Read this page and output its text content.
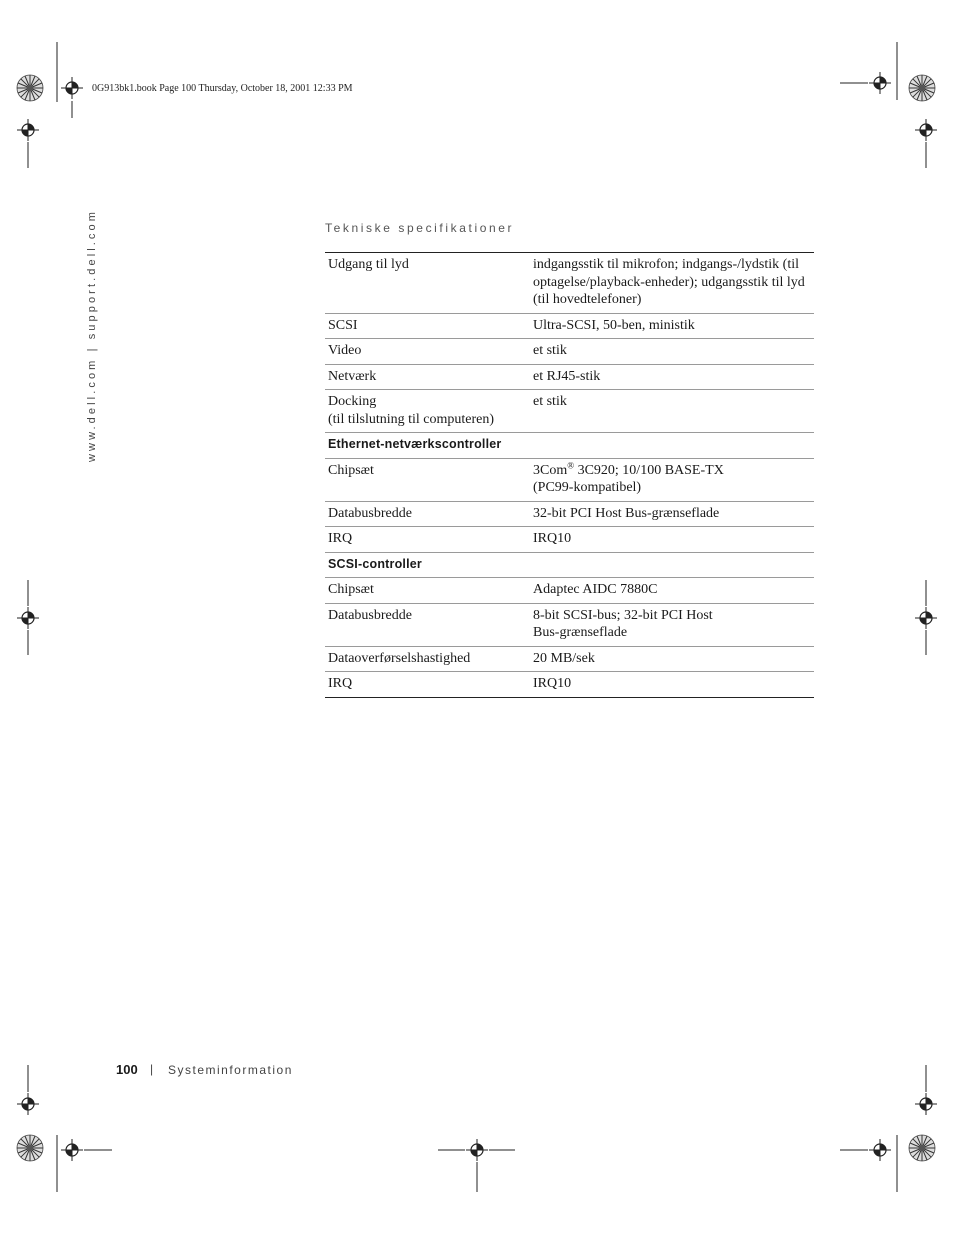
0G913bk1.book Page 100 Thursday, October 18, 2001 12:33 PM
www.dell.com | support.dell.com	Tekniske specifikationer
Udgang til lyd	indgangsstik til mikrofon; indgangs-/lydstik (til optagelse/playback-enheder); udgangsstik til lyd (til hovedtelefoner)

SCSI	Ultra-SCSI, 50-ben, ministik

Video	et stik

Netværk	et RJ45-stik

Docking
(til tilslutning til computeren)	et stik

Ethernet-netværkscontroller	

Chipsæt	3Com® 3C920; 10/100 BASE-TX
(PC99-kompatibel)

Databusbredde	32-bit PCI Host Bus-grænseflade

IRQ	IRQ10

SCSI-controller	

Chipsæt	Adaptec AIDC 7880C

Databusbredde	8-bit SCSI-bus; 32-bit PCI Host
Bus-grænseflade

Dataoverførselshastighed	20 MB/sek

IRQ	IRQ10
100 | Systeminformation
